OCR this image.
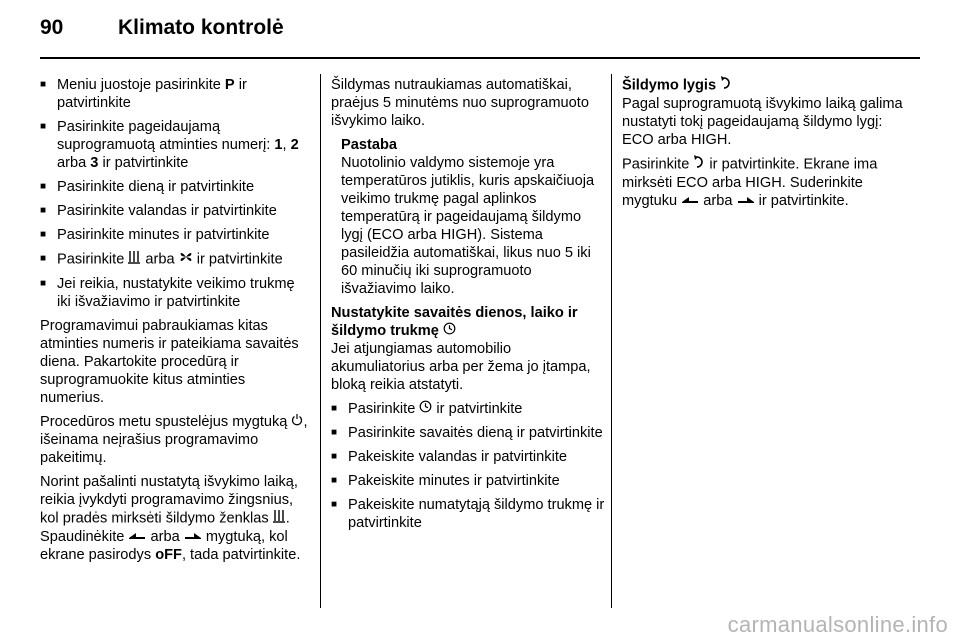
90	Klimato kontrolė
■ Meniu juostoje pasirinkite P ir patvirtinkite
■ Pasirinkite pageidaujamą suprogramuotą atminties numerį: 1, 2 arba 3 ir patvirtinkite
■ Pasirinkite dieną ir patvirtinkite
■ Pasirinkite valandas ir patvirtinkite
■ Pasirinkite minutes ir patvirtinkite
■ Pasirinkite  arba  ir patvirtinkite
■ Jei reikia, nustatykite veikimo trukmę iki išvažiavimo ir patvirtinkite

Programavimui pabraukiamas kitas atminties numeris ir pateikiama savaitės diena. Pakartokite procedūrą ir suprogramuokite kitus atminties numerius.

Procedūros metu spustelėjus mygtuką , išeinama neįrašius programavimo pakeitimų.

Norint pašalinti nustatytą išvykimo laiką, reikia įvykdyti programavimo žingsnius, kol pradės mirksėti šildymo ženklas . Spaudinėkite  arba  mygtuką, kol ekrane pasirodys oFF, tada patvirtinkite.

Šildymas nutraukiamas automatiškai, praėjus 5 minutėms nuo suprogramuoto išvykimo laiko.

Pastaba
Nuotolinio valdymo sistemoje yra temperatūros jutiklis, kuris apskaičiuoja veikimo trukmę pagal aplinkos temperatūrą ir pageidaujamą šildymo lygį (ECO arba HIGH). Sistema pasileidžia automatiškai, likus nuo 5 iki 60 minučių iki suprogramuoto išvažiavimo laiko.

Nustatykite savaitės dienos, laiko ir šildymo trukmę

Jei atjungiamas automobilio akumuliatorius arba per žema jo įtampa, bloką reikia atstatyti.

■ Pasirinkite  ir patvirtinkite
■ Pasirinkite savaitės dieną ir patvirtinkite
■ Pakeiskite valandas ir patvirtinkite
■ Pakeiskite minutes ir patvirtinkite
■ Pakeiskite numatytąją šildymo trukmę ir patvirtinkite

Šildymo lygis

Pagal suprogramuotą išvykimo laiką galima nustatyti tokį pageidaujamą šildymo lygį: ECO arba HIGH.

Pasirinkite  ir patvirtinkite. Ekrane ima mirksėti ECO arba HIGH. Suderinkite mygtuku  arba  ir patvirtinkite.

carmanualsonline.info
